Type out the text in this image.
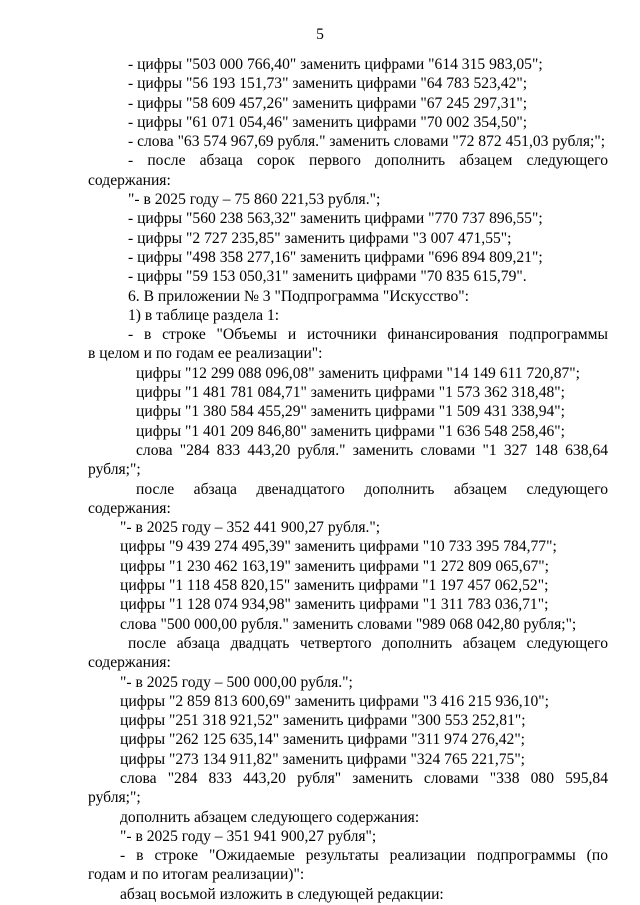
5
- цифры "503 000 766,40" заменить цифрами "614 315 983,05";
- цифры "56 193 151,73" заменить цифрами "64 783 523,42";
- цифры "58 609 457,26" заменить цифрами "67 245 297,31";
- цифры "61 071 054,46" заменить цифрами "70 002 354,50";
- слова "63 574 967,69 рубля." заменить словами "72 872 451,03 рубля;";
- после абзаца сорок первого дополнить абзацем следующего
содержания:
"- в 2025 году – 75 860 221,53 рубля.";
- цифры "560 238 563,32" заменить цифрами "770 737 896,55";
- цифры "2 727 235,85" заменить цифрами "3 007 471,55";
- цифры "498 358 277,16" заменить цифрами "696 894 809,21";
- цифры "59 153 050,31" заменить цифрами "70 835 615,79".
6. В приложении № 3 "Подпрограмма "Искусство":
1) в таблице раздела 1:
- в строке "Объемы и источники финансирования подпрограммы
в целом и по годам ее реализации":
цифры "12 299 088 096,08" заменить цифрами "14 149 611 720,87";
цифры "1 481 781 084,71" заменить цифрами "1 573 362 318,48";
цифры "1 380 584 455,29" заменить цифрами "1 509 431 338,94";
цифры "1 401 209 846,80" заменить цифрами "1 636 548 258,46";
слова "284 833 443,20 рубля." заменить словами "1 327 148 638,64
рубля;";
после абзаца двенадцатого дополнить абзацем следующего
содержания:
"- в 2025 году – 352 441 900,27 рубля.";
цифры "9 439 274 495,39" заменить цифрами "10 733 395 784,77";
цифры "1 230 462 163,19" заменить цифрами "1 272 809 065,67";
цифры "1 118 458 820,15" заменить цифрами "1 197 457 062,52";
цифры "1 128 074 934,98" заменить цифрами "1 311 783 036,71";
слова "500 000,00 рубля." заменить словами "989 068 042,80 рубля;";
после абзаца двадцать четвертого дополнить абзацем следующего
содержания:
"- в 2025 году – 500 000,00 рубля.";
цифры "2 859 813 600,69" заменить цифрами "3 416 215 936,10";
цифры "251 318 921,52" заменить цифрами "300 553 252,81";
цифры "262 125 635,14" заменить цифрами "311 974 276,42";
цифры "273 134 911,82" заменить цифрами "324 765 221,75";
слова "284 833 443,20 рубля" заменить словами "338 080 595,84
рубля;";
дополнить абзацем следующего содержания:
"- в 2025 году – 351 941 900,27 рубля";
- в строке "Ожидаемые результаты реализации подпрограммы (по
годам и по итогам реализации)":
абзац восьмой изложить в следующей редакции:
